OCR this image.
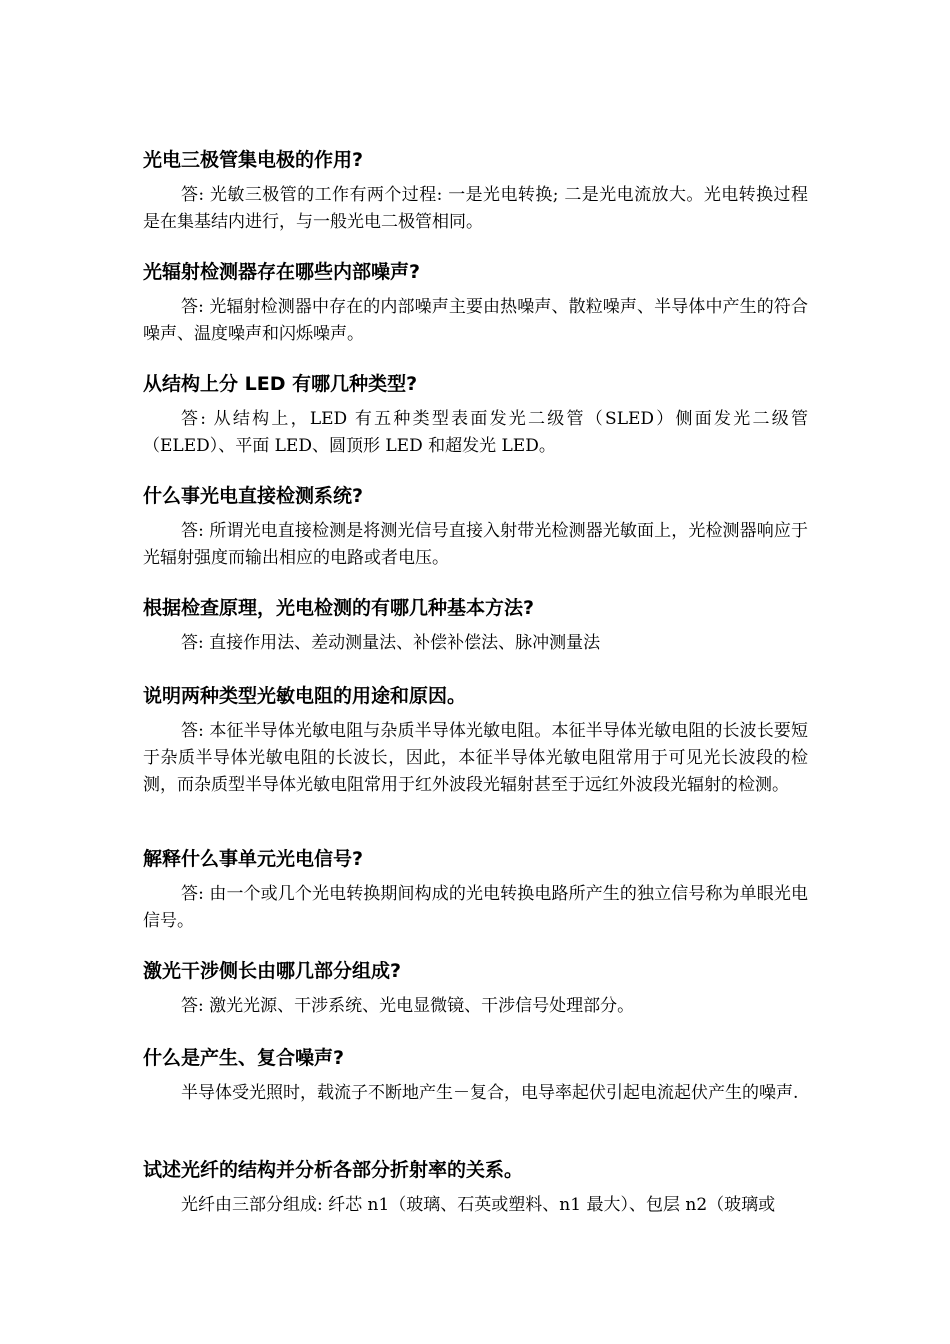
光电三极管集电极的作用?

答: 光敏三极管的工作有两个过程: 一是光电转换; 二是光电流放大。光电转换过程是在集基结内进行，与一般光电二极管相同。

光辐射检测器存在哪些内部噪声?

答: 光辐射检测器中存在的内部噪声主要由热噪声、散粒噪声、半导体中产生的符合噪声、温度噪声和闪烁噪声。

从结构上分 LED 有哪几种类型?

答: 从结构上，LED 有五种类型表面发光二级管（SLED）侧面发光二级管（ELED）、平面 LED、圆顶形 LED 和超发光 LED。

什么事光电直接检测系统?

答: 所谓光电直接检测是将测光信号直接入射带光检测器光敏面上，光检测器响应于光辐射强度而输出相应的电路或者电压。

根据检查原理，光电检测的有哪几种基本方法?

答: 直接作用法、差动测量法、补偿补偿法、脉冲测量法

说明两种类型光敏电阻的用途和原因。

答: 本征半导体光敏电阻与杂质半导体光敏电阻。本征半导体光敏电阻的长波长要短于杂质半导体光敏电阻的长波长，因此，本征半导体光敏电阻常用于可见光长波段的检测，而杂质型半导体光敏电阻常用于红外波段光辐射甚至于远红外波段光辐射的检测。

解释什么事单元光电信号?

答: 由一个或几个光电转换期间构成的光电转换电路所产生的独立信号称为单眼光电信号。

激光干涉侧长由哪几部分组成?

答: 激光光源、干涉系统、光电显微镜、干涉信号处理部分。

什么是产生、复合噪声?

半导体受光照时，载流子不断地产生－复合，电导率起伏引起电流起伏产生的噪声.

试述光纤的结构并分析各部分折射率的关系。

光纤由三部分组成: 纤芯 n1（玻璃、石英或塑料、n1 最大）、包层 n2（玻璃或
